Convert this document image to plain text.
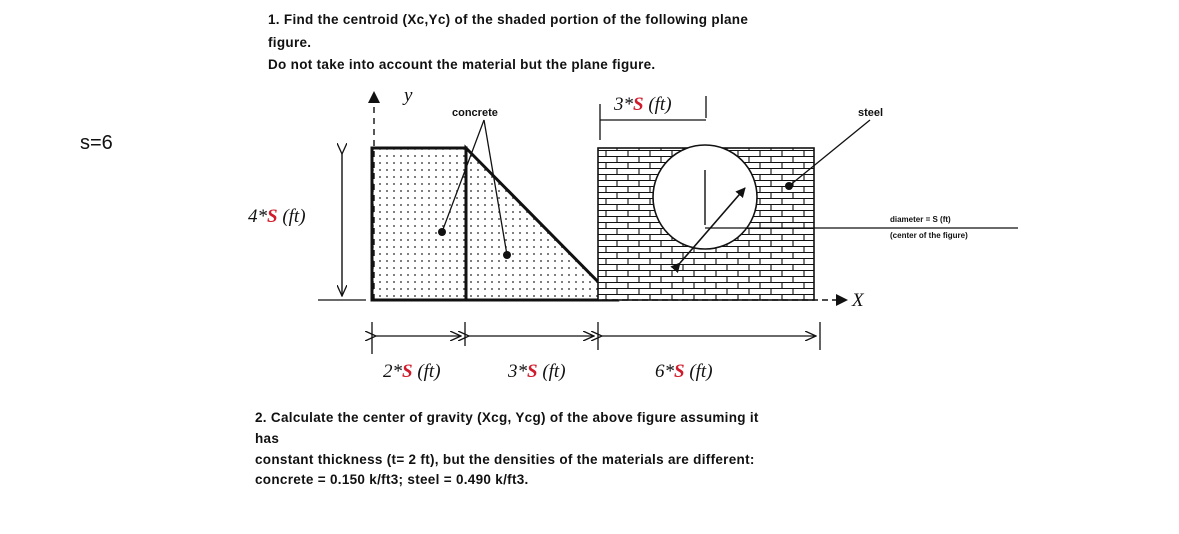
s=6
1. Find the centroid (Xc,Yc) of the shaded portion of the following plane
figure.
Do not take into account the material but the plane figure.
y
X
concrete	steel
diameter = S (ft)
(center of the figure)
3*S (ft)
4*S (ft)
2*S (ft)	3*S (ft)	6*S (ft)
2. Calculate the center of gravity (Xcg, Ycg) of the above figure assuming it
has
constant thickness (t= 2 ft), but the densities of the materials are different:
concrete = 0.150 k/ft3; steel = 0.490 k/ft3.
